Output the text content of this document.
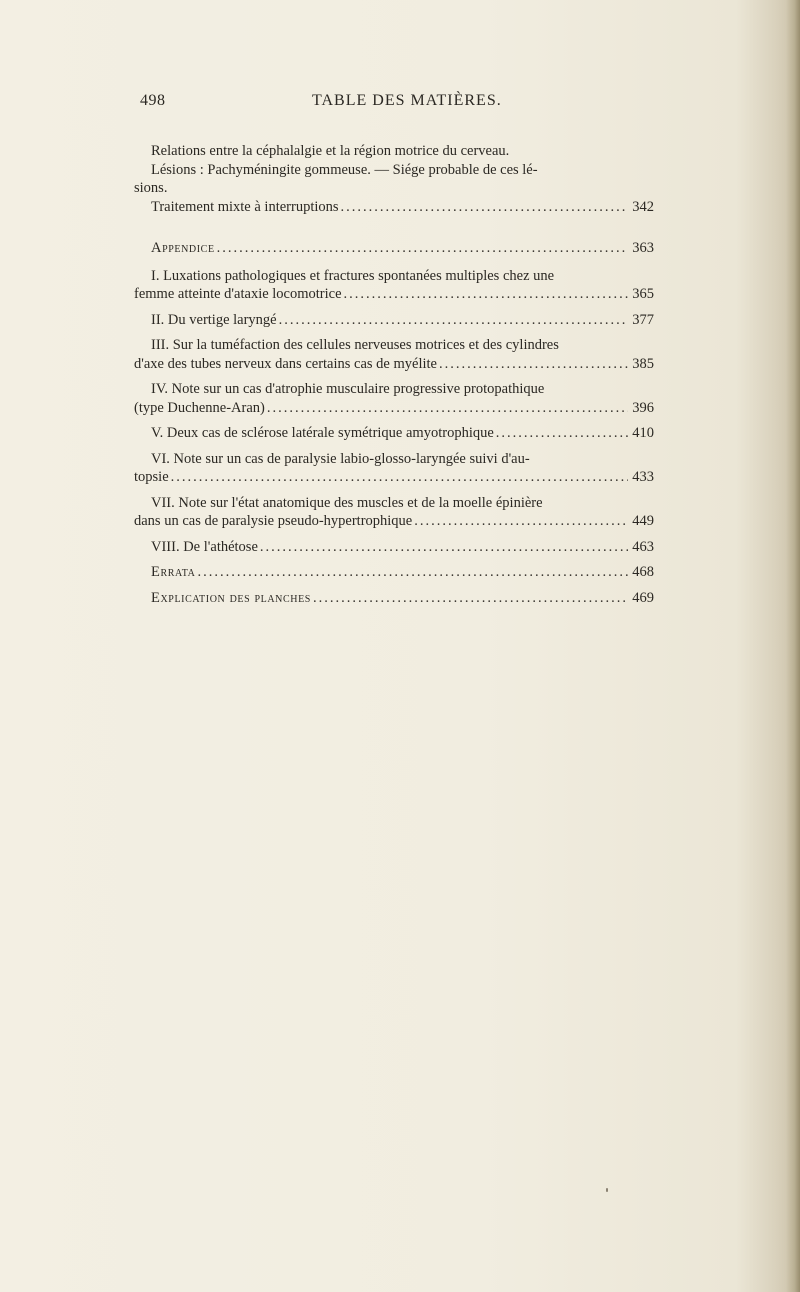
498	TABLE DES MATIÈRES.

Relations entre la céphalalgie et la région motrice du cerveau.

Lésions : Pachyméningite gommeuse. — Siége probable de ces lé-

sions.

Traitement mixte à interruptions .....	342
Appendice .....	363

I. Luxations pathologiques et fractures spontanées multiples chez une

femme atteinte d'ataxie locomotrice .....	365
II. Du vertige laryngé .....	377

III. Sur la tuméfaction des cellules nerveuses motrices et des cylindres

d'axe des tubes nerveux dans certains cas de myélite .....	385

IV. Note sur un cas d'atrophie musculaire progressive protopathique

(type Duchenne-Aran) .....	396
V. Deux cas de sclérose latérale symétrique amyotrophique .....	410

VI. Note sur un cas de paralysie labio-glosso-laryngée suivi d'au-

topsie .....	433

VII. Note sur l'état anatomique des muscles et de la moelle épinière

dans un cas de paralysie pseudo-hypertrophique .....	449
VIII. De l'athétose .....	463
Errata .....	468
Explication des planches .....	469
